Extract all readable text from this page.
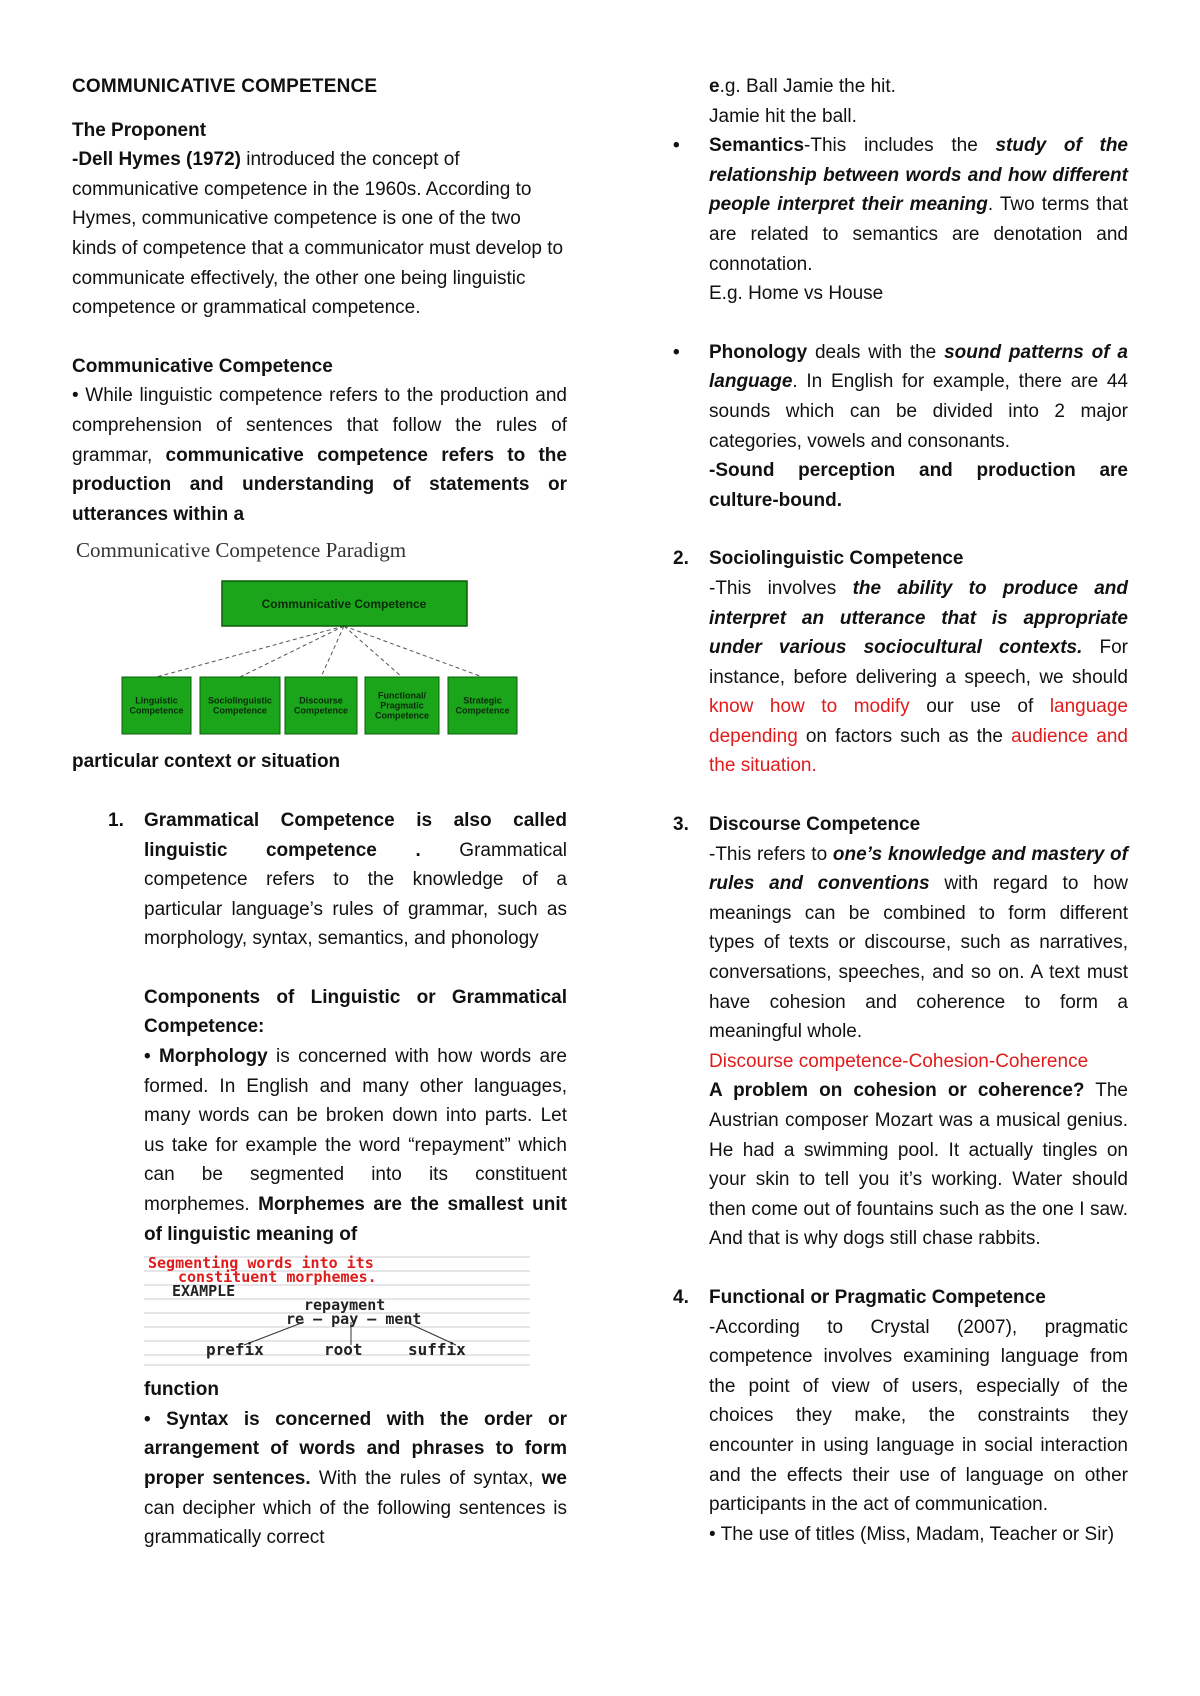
COMMUNICATIVE COMPETENCE

The Proponent

-Dell Hymes (1972) introduced the concept of communicative competence in the 1960s. According to Hymes, communicative competence is one of the two kinds of competence that a communicator must develop to communicate effectively, the other one being linguistic competence or grammatical competence.

Communicative Competence

• While linguistic competence refers to the production and comprehension of sentences that follow the rules of grammar, communicative competence refers to the production and understanding of statements or utterances within a

Communicative Competence
Linguistic
Competence
Sociolinguistic
Competence
Discourse
Competence
Functional/
Pragmatic
Competence
Strategic
Competence
Communicative Competence Paradigm

particular context or situation

1. Grammatical Competence is also called linguistic competence . Grammatical competence refers to the knowledge of a particular language’s rules of grammar, such as morphology, syntax, semantics, and phonology

Components of Linguistic or Grammatical Competence:

• Morphology is concerned with how words are formed. In English and many other languages, many words can be broken down into parts. Let us take for example the word “repayment” which can be segmented into its constituent morphemes. Morphemes are the smallest unit of linguistic meaning of

Segmenting words into its
constituent morphemes.
EXAMPLE
repayment
re – pay – ment
prefix	root	suffix

function

• Syntax is concerned with the order or arrangement of words and phrases to form proper sentences. With the rules of syntax, we can decipher which of the following sentences is grammatically correct

e.g. Ball Jamie the hit.

Jamie hit the ball.

• Semantics-This includes the study of the relationship between words and how different people interpret their meaning. Two terms that are related to semantics are denotation and connotation.

E.g. Home vs House

• Phonology deals with the sound patterns of a language. In English for example, there are 44 sounds which can be divided into 2 major categories, vowels and consonants.

-Sound perception and production are culture-bound.

2. Sociolinguistic Competence

-This involves the ability to produce and interpret an utterance that is appropriate under various sociocultural contexts. For instance, before delivering a speech, we should know how to modify our use of language depending on factors such as the audience and the situation.

3. Discourse Competence

-This refers to one’s knowledge and mastery of rules and conventions with regard to how meanings can be combined to form different types of texts or discourse, such as narratives, conversations, speeches, and so on. A text must have cohesion and coherence to form a meaningful whole.

Discourse competence-Cohesion-Coherence

A problem on cohesion or coherence? The Austrian composer Mozart was a musical genius. He had a swimming pool. It actually tingles on your skin to tell you it’s working. Water should then come out of fountains such as the one I saw. And that is why dogs still chase rabbits.

4. Functional or Pragmatic Competence

-According to Crystal (2007), pragmatic competence involves examining language from the point of view of users, especially of the choices they make, the constraints they encounter in using language in social interaction and the effects their use of language on other participants in the act of communication.

• The use of titles (Miss, Madam, Teacher or Sir)
